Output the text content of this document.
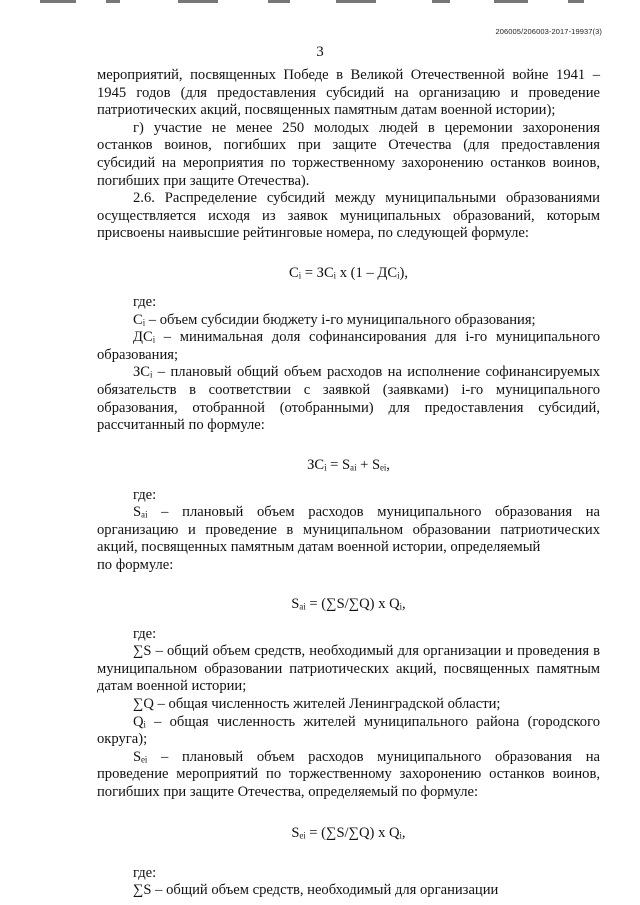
206005/206003-2017-19937(3)
3

мероприятий, посвященных Победе в Великой Отечественной войне 1941 – 1945 годов (для предоставления субсидий на организацию и проведение патриотических акций, посвященных памятным датам военной истории);

г) участие не менее 250 молодых людей в церемонии захоронения останков воинов, погибших при защите Отечества (для предоставления субсидий на мероприятия по торжественному захоронению останков воинов, погибших при защите Отечества).

2.6. Распределение субсидий между муниципальными образованиями осуществляется исходя из заявок муниципальных образований, которым присвоены наивысшие рейтинговые номера, по следующей формуле:

Cᵢ = ЗCᵢ x (1 – ДCᵢ),

где:

Cᵢ – объем субсидии бюджету i-го муниципального образования;

ДCᵢ – минимальная доля софинансирования для i-го муниципального образования;

ЗCᵢ – плановый общий объем расходов на исполнение софинансируемых обязательств в соответствии с заявкой (заявками) i-го муниципального образования, отобранной (отобранными) для предоставления субсидий, рассчитанный по формуле:

ЗCᵢ = Sₐᵢ + Sₑᵢ,

где:

Sₐᵢ – плановый объем расходов муниципального образования на организацию и проведение в муниципальном образовании патриотических акций, посвященных памятным датам военной истории, определяемый

по формуле:

Sₐᵢ = (∑S/∑Q) x Qᵢ,

где:

∑S – общий объем средств, необходимый для организации и проведения в муниципальном образовании патриотических акций, посвященных памятным датам военной истории;

∑Q – общая численность жителей Ленинградской области;

Qᵢ – общая численность жителей муниципального района (городского округа);

Sₑᵢ – плановый объем расходов муниципального образования на проведение мероприятий по торжественному захоронению останков воинов, погибших при защите Отечества, определяемый по формуле:

Sₑᵢ = (∑S/∑Q) x Qᵢ,

где:

∑S – общий объем средств, необходимый для организации
